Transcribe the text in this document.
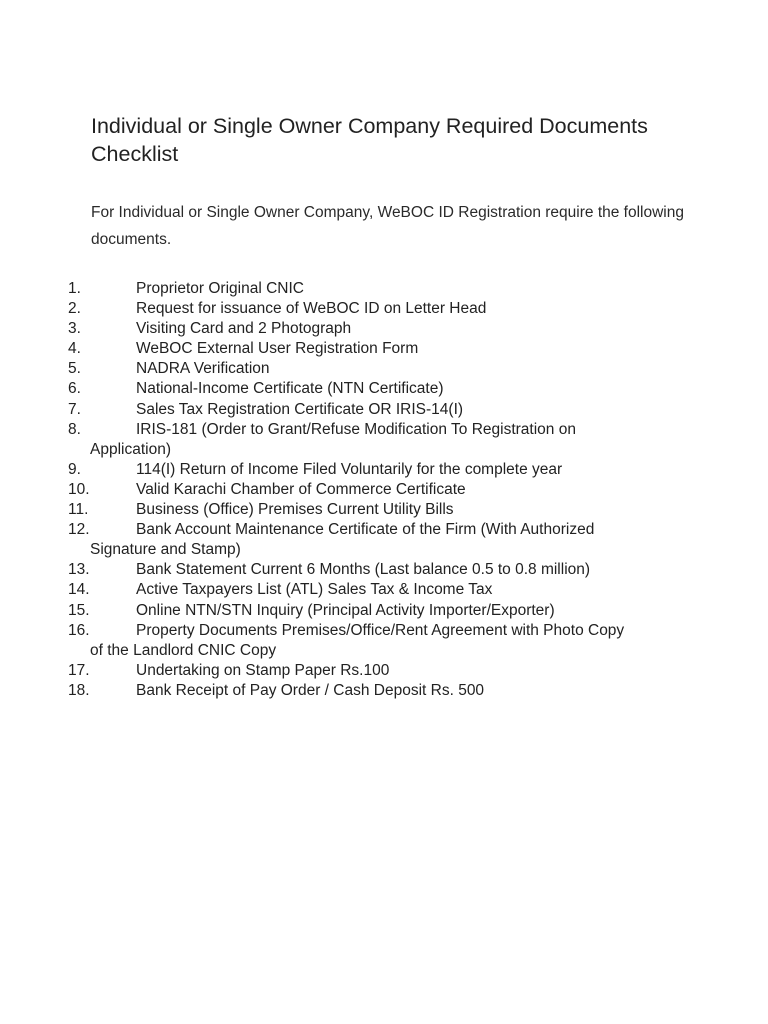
Individual or Single Owner Company Required Documents Checklist

For Individual or Single Owner Company, WeBOC ID Registration require the following documents.

1.	Proprietor Original CNIC
2.	Request for issuance of WeBOC ID on Letter Head
3.	Visiting Card and 2 Photograph
4.	WeBOC External User Registration Form
5.	NADRA Verification
6.	National-Income Certificate (NTN Certificate)
7.	Sales Tax Registration Certificate OR IRIS-14(I)
8.	IRIS-181 (Order to Grant/Refuse Modification To Registration on
Application)
9.	114(I) Return of Income Filed Voluntarily for the complete year
10.	Valid Karachi Chamber of Commerce Certificate
11.	Business (Office) Premises Current Utility Bills
12.	Bank Account Maintenance Certificate of the Firm (With Authorized
Signature and Stamp)
13.	Bank Statement Current 6 Months (Last balance 0.5 to 0.8 million)
14.	Active Taxpayers List (ATL) Sales Tax & Income Tax
15.	Online NTN/STN Inquiry (Principal Activity Importer/Exporter)
16.	Property Documents Premises/Office/Rent Agreement with Photo Copy
of the Landlord CNIC Copy
17.	Undertaking on Stamp Paper Rs.100
18.	Bank Receipt of Pay Order / Cash Deposit Rs. 500
